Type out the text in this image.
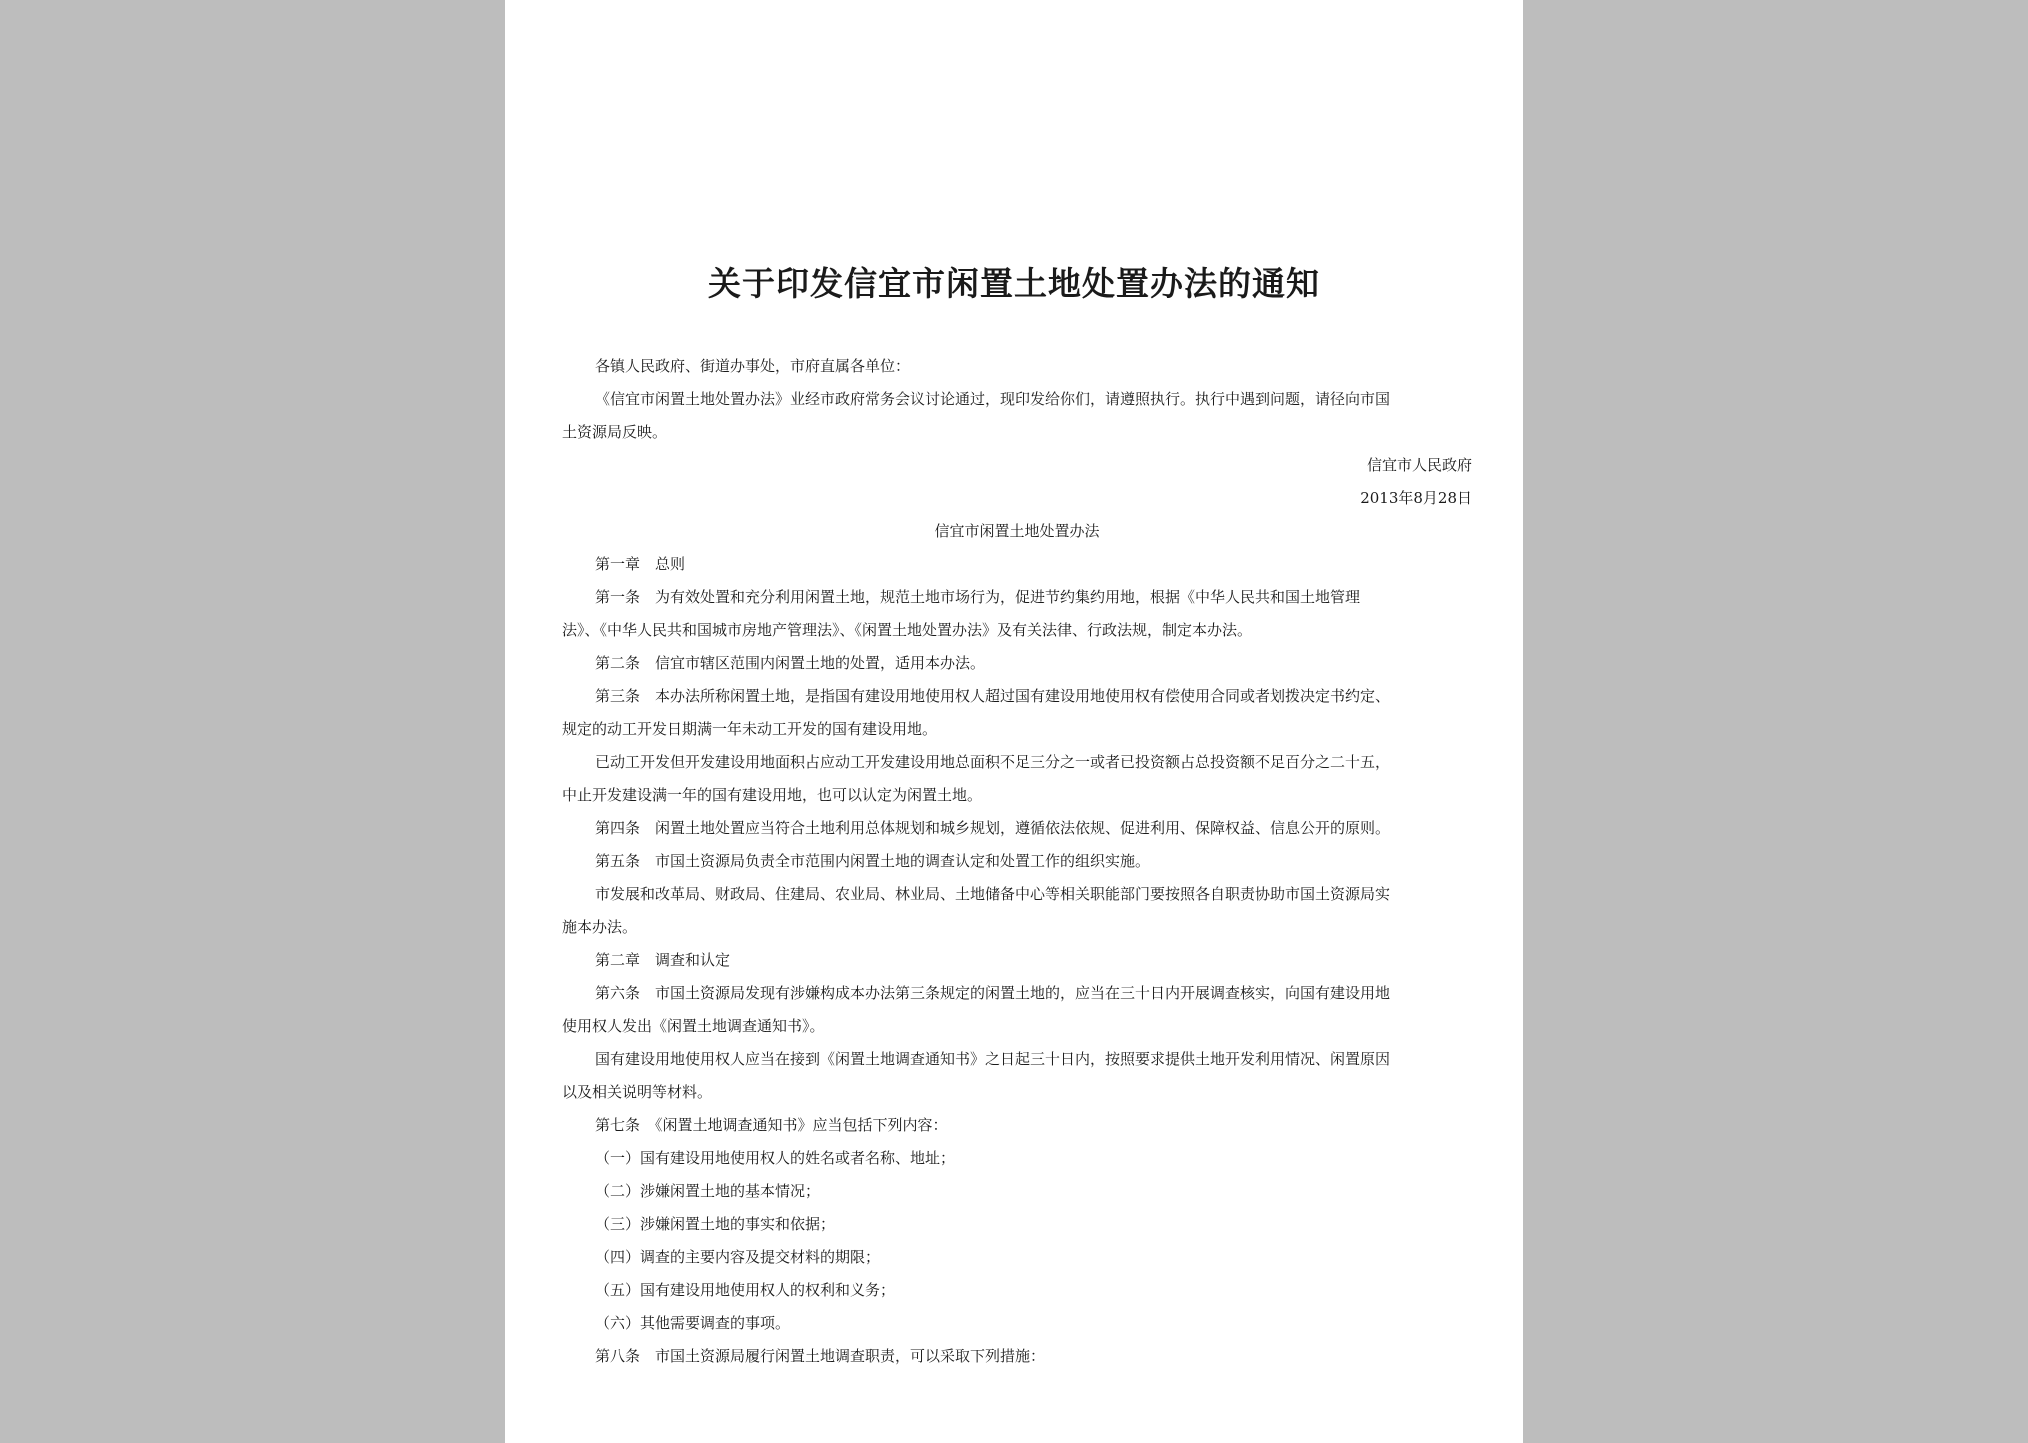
关于印发信宜市闲置土地处置办法的通知
各镇人民政府、街道办事处，市府直属各单位：
《信宜市闲置土地处置办法》业经市政府常务会议讨论通过，现印发给你们，请遵照执行。执行中遇到问题，请径向市国
土资源局反映。
信宜市人民政府
2013年8月28日
信宜市闲置土地处置办法
第一章　总则
第一条　为有效处置和充分利用闲置土地，规范土地市场行为，促进节约集约用地，根据《中华人民共和国土地管理
法》、《中华人民共和国城市房地产管理法》、《闲置土地处置办法》及有关法律、行政法规，制定本办法。
第二条　信宜市辖区范围内闲置土地的处置，适用本办法。
第三条　本办法所称闲置土地，是指国有建设用地使用权人超过国有建设用地使用权有偿使用合同或者划拨决定书约定、
规定的动工开发日期满一年未动工开发的国有建设用地。
已动工开发但开发建设用地面积占应动工开发建设用地总面积不足三分之一或者已投资额占总投资额不足百分之二十五，
中止开发建设满一年的国有建设用地，也可以认定为闲置土地。
第四条　闲置土地处置应当符合土地利用总体规划和城乡规划，遵循依法依规、促进利用、保障权益、信息公开的原则。
第五条　市国土资源局负责全市范围内闲置土地的调查认定和处置工作的组织实施。
市发展和改革局、财政局、住建局、农业局、林业局、土地储备中心等相关职能部门要按照各自职责协助市国土资源局实
施本办法。
第二章　调查和认定
第六条　市国土资源局发现有涉嫌构成本办法第三条规定的闲置土地的，应当在三十日内开展调查核实，向国有建设用地
使用权人发出《闲置土地调查通知书》。
国有建设用地使用权人应当在接到《闲置土地调查通知书》之日起三十日内，按照要求提供土地开发利用情况、闲置原因
以及相关说明等材料。
第七条　《闲置土地调查通知书》应当包括下列内容：
（一）国有建设用地使用权人的姓名或者名称、地址；
（二）涉嫌闲置土地的基本情况；
（三）涉嫌闲置土地的事实和依据；
（四）调查的主要内容及提交材料的期限；
（五）国有建设用地使用权人的权利和义务；
（六）其他需要调查的事项。
第八条　市国土资源局履行闲置土地调查职责，可以采取下列措施：
